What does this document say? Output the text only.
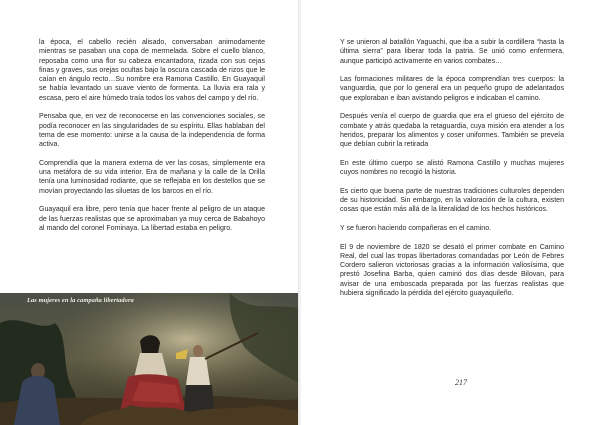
la época, el cabello recién alisado, conversaban animodamente mientras se pasaban una copa de mermelada. Sobre el cuello blanco, reposaba como una flor su cabeza encantadora, rizada con sus cejas finas y graves, sus orejas ocultas bajo la oscura cascada de rizos que le caían en ángulo recto…Su nombre era Ramona Castillo. En Guayaquil se había levantado un suave viento de formenta. La lluvia era rala y escasa, pero el aire húmedo traía todos los vahos del campo y del río.

Pensaba que, en vez de reconocerse en las convenciones sociales, se podía reconocer en las singularidades de su espíritu. Ellas hablaban del tema de ese momento: unirse a la causa de la independencia de forma activa.

Comprendía que la manera externa de ver las cosas, simplemente era una metáfora de su vida interior. Era de mañana y la calle de la Orilla tenía una luminosidad rodiante, que se reflejaba en los destellos que se movían proyectando las siluetas de los barcos en el río.

Guayaquil era libre, pero tenía que hacer frente al peligro de un ataque de las fuerzas realistas que se aproximaban ya muy cerca de Babahoyo al mando del coronel Fominaya. La libertad estaba en peligro.

Las mujeres en la campaña libertadora

Y se unieron al batallón Yaguachi, que iba a subir la cordillera “hasta la última sierra” para liberar toda la patria. Se unió como enfermera, aunque participó activamente en varios combates…

Las formaciones militares de la época comprendían tres cuerpos: la vanguardia, que por lo general era un pequeño grupo de adelantados que exploraban e iban avistando peligros e indicaban el camino.

Después venía el cuerpo de guardia que era el grueso del ejército de combate y atrás quedaba la retaguardia, cuya misión era atender a los heridos, preparar los alimentos y coser uniformes. También se preveía que debían cubrir la retirada

En este último cuerpo se alistó Ramona Castillo y muchas mujeres cuyos nombres no recogió la historia.

Es cierto que buena parte de nuestras tradiciones culturoles dependen de su historicidad. Sin embargo, en la valoración de la cultura, existen cosas que están más allá de la literalidad de los hechos históricos.

Y se fueron haciendo compañeras en el camino.

El 9 de noviembre de 1820 se desató el primer combate en Camino Real, del cual las tropas libertadoras comandadas por León de Febres Cordero salieron victoriosas gracias a la información valiosísima, que prestó Josefina Barba, quien caminó dos días desde Bilovan, para avisar de una emboscada preparada por las fuerzas realistas que hubiera significado la pérdida del ejército guayaquileño.

217
